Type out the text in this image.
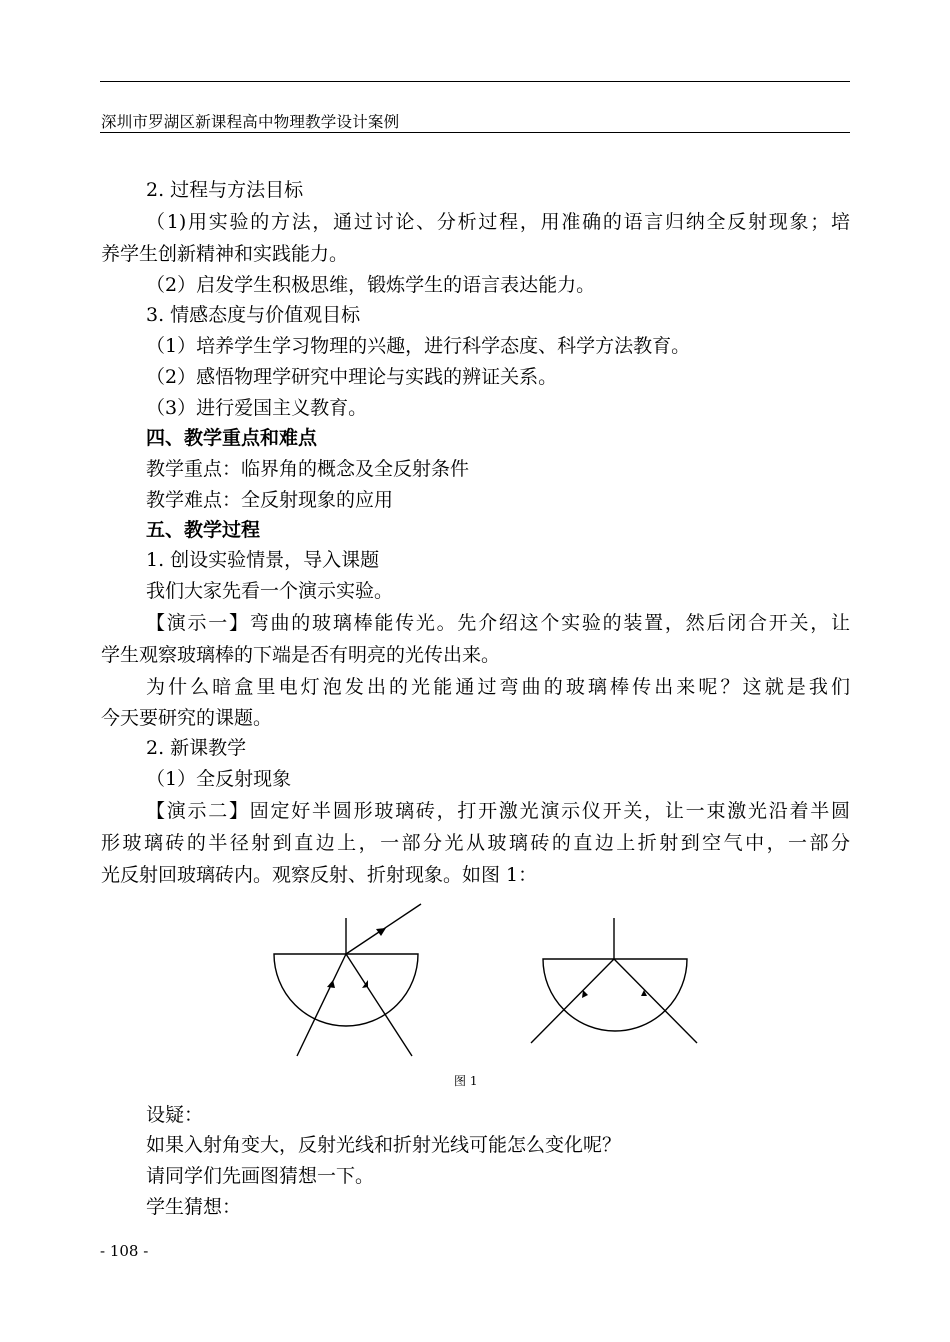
深圳市罗湖区新课程高中物理教学设计案例
2. 过程与方法目标
（1)用实验的方法，通过讨论、分析过程，用准确的语言归纳全反射现象；培
养学生创新精神和实践能力。
（2）启发学生积极思维，锻炼学生的语言表达能力。
3. 情感态度与价值观目标
（1）培养学生学习物理的兴趣，进行科学态度、科学方法教育。
（2）感悟物理学研究中理论与实践的辨证关系。
（3）进行爱国主义教育。
四、教学重点和难点
教学重点：临界角的概念及全反射条件
教学难点：全反射现象的应用
五、教学过程
1. 创设实验情景，导入课题
我们大家先看一个演示实验。
【演示一】弯曲的玻璃棒能传光。先介绍这个实验的装置，然后闭合开关，让
学生观察玻璃棒的下端是否有明亮的光传出来。
为什么暗盒里电灯泡发出的光能通过弯曲的玻璃棒传出来呢？这就是我们
今天要研究的课题。
2. 新课教学
（1）全反射现象
【演示二】固定好半圆形玻璃砖，打开激光演示仪开关，让一束激光沿着半圆
形玻璃砖的半径射到直边上，一部分光从玻璃砖的直边上折射到空气中，一部分
光反射回玻璃砖内。观察反射、折射现象。如图 1：
图 1
设疑：
如果入射角变大，反射光线和折射光线可能怎么变化呢？
请同学们先画图猜想一下。
学生猜想：
- 108 -
